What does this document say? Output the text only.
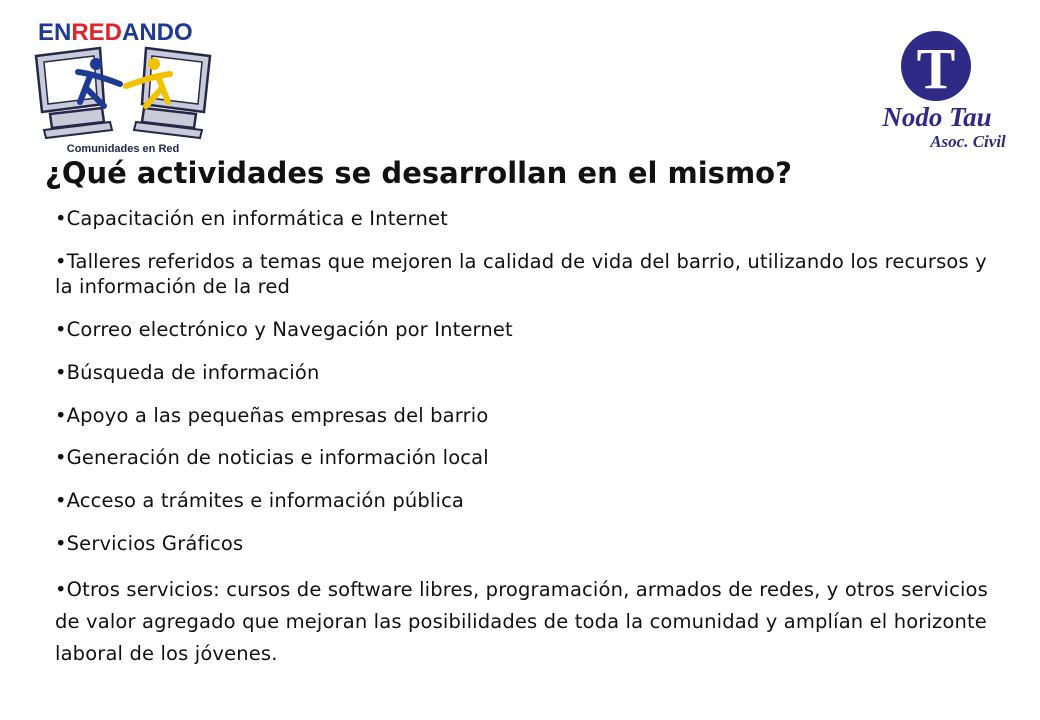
ENREDANDO
Comunidades en Red
T
Nodo Tau
Asoc. Civil
¿Qué actividades se desarrollan en el mismo?
•Capacitación en informática e Internet
•Talleres referidos a temas que mejoren la calidad de vida del barrio, utilizando los recursos y la información de la red
•Correo electrónico y Navegación por Internet
•Búsqueda de información
•Apoyo a las pequeñas empresas del barrio
•Generación de noticias e información local
•Acceso a trámites e información pública
•Servicios Gráficos
•Otros servicios: cursos de software libres, programación, armados de redes, y otros servicios de valor agregado que mejoran las posibilidades de toda la comunidad y amplían el horizonte laboral de los jóvenes.
